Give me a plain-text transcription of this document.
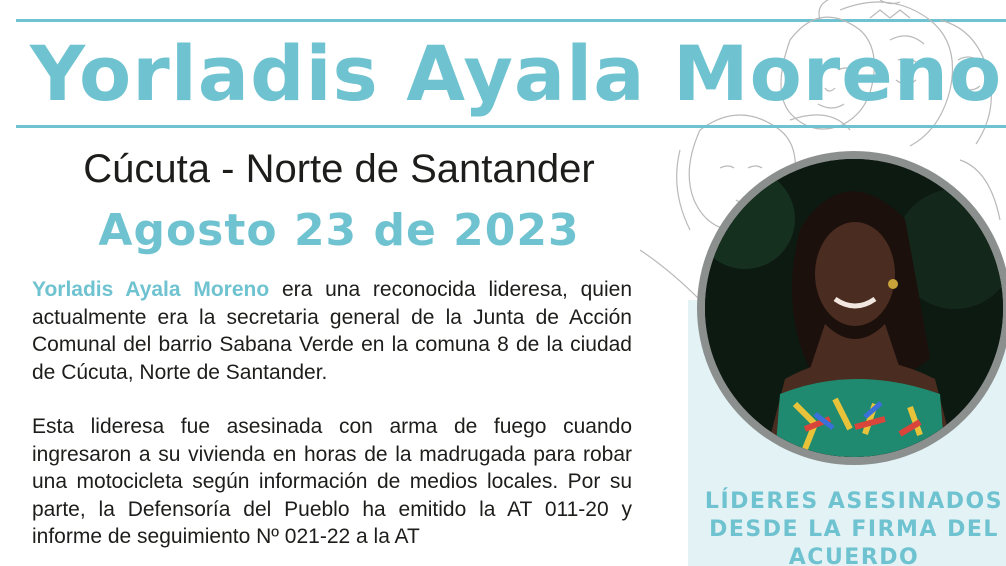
Yorladis Ayala Moreno
Cúcuta - Norte de Santander
Agosto 23 de 2023

Yorladis Ayala Moreno era una reconocida lideresa, quien actualmente era la secretaria general de la Junta de Acción Comunal del barrio Sabana Verde en la comuna 8 de la ciudad de Cúcuta, Norte de Santander.

Esta lideresa fue asesinada con arma de fuego cuando ingresaron a su vivienda en horas de la madrugada para robar una motocicleta según información de medios locales. Por su parte, la Defensoría del Pueblo ha emitido la AT 011-20 y informe de seguimiento Nº 021-22 a la AT

LÍDERES ASESINADOS DESDE LA FIRMA DEL ACUERDO
